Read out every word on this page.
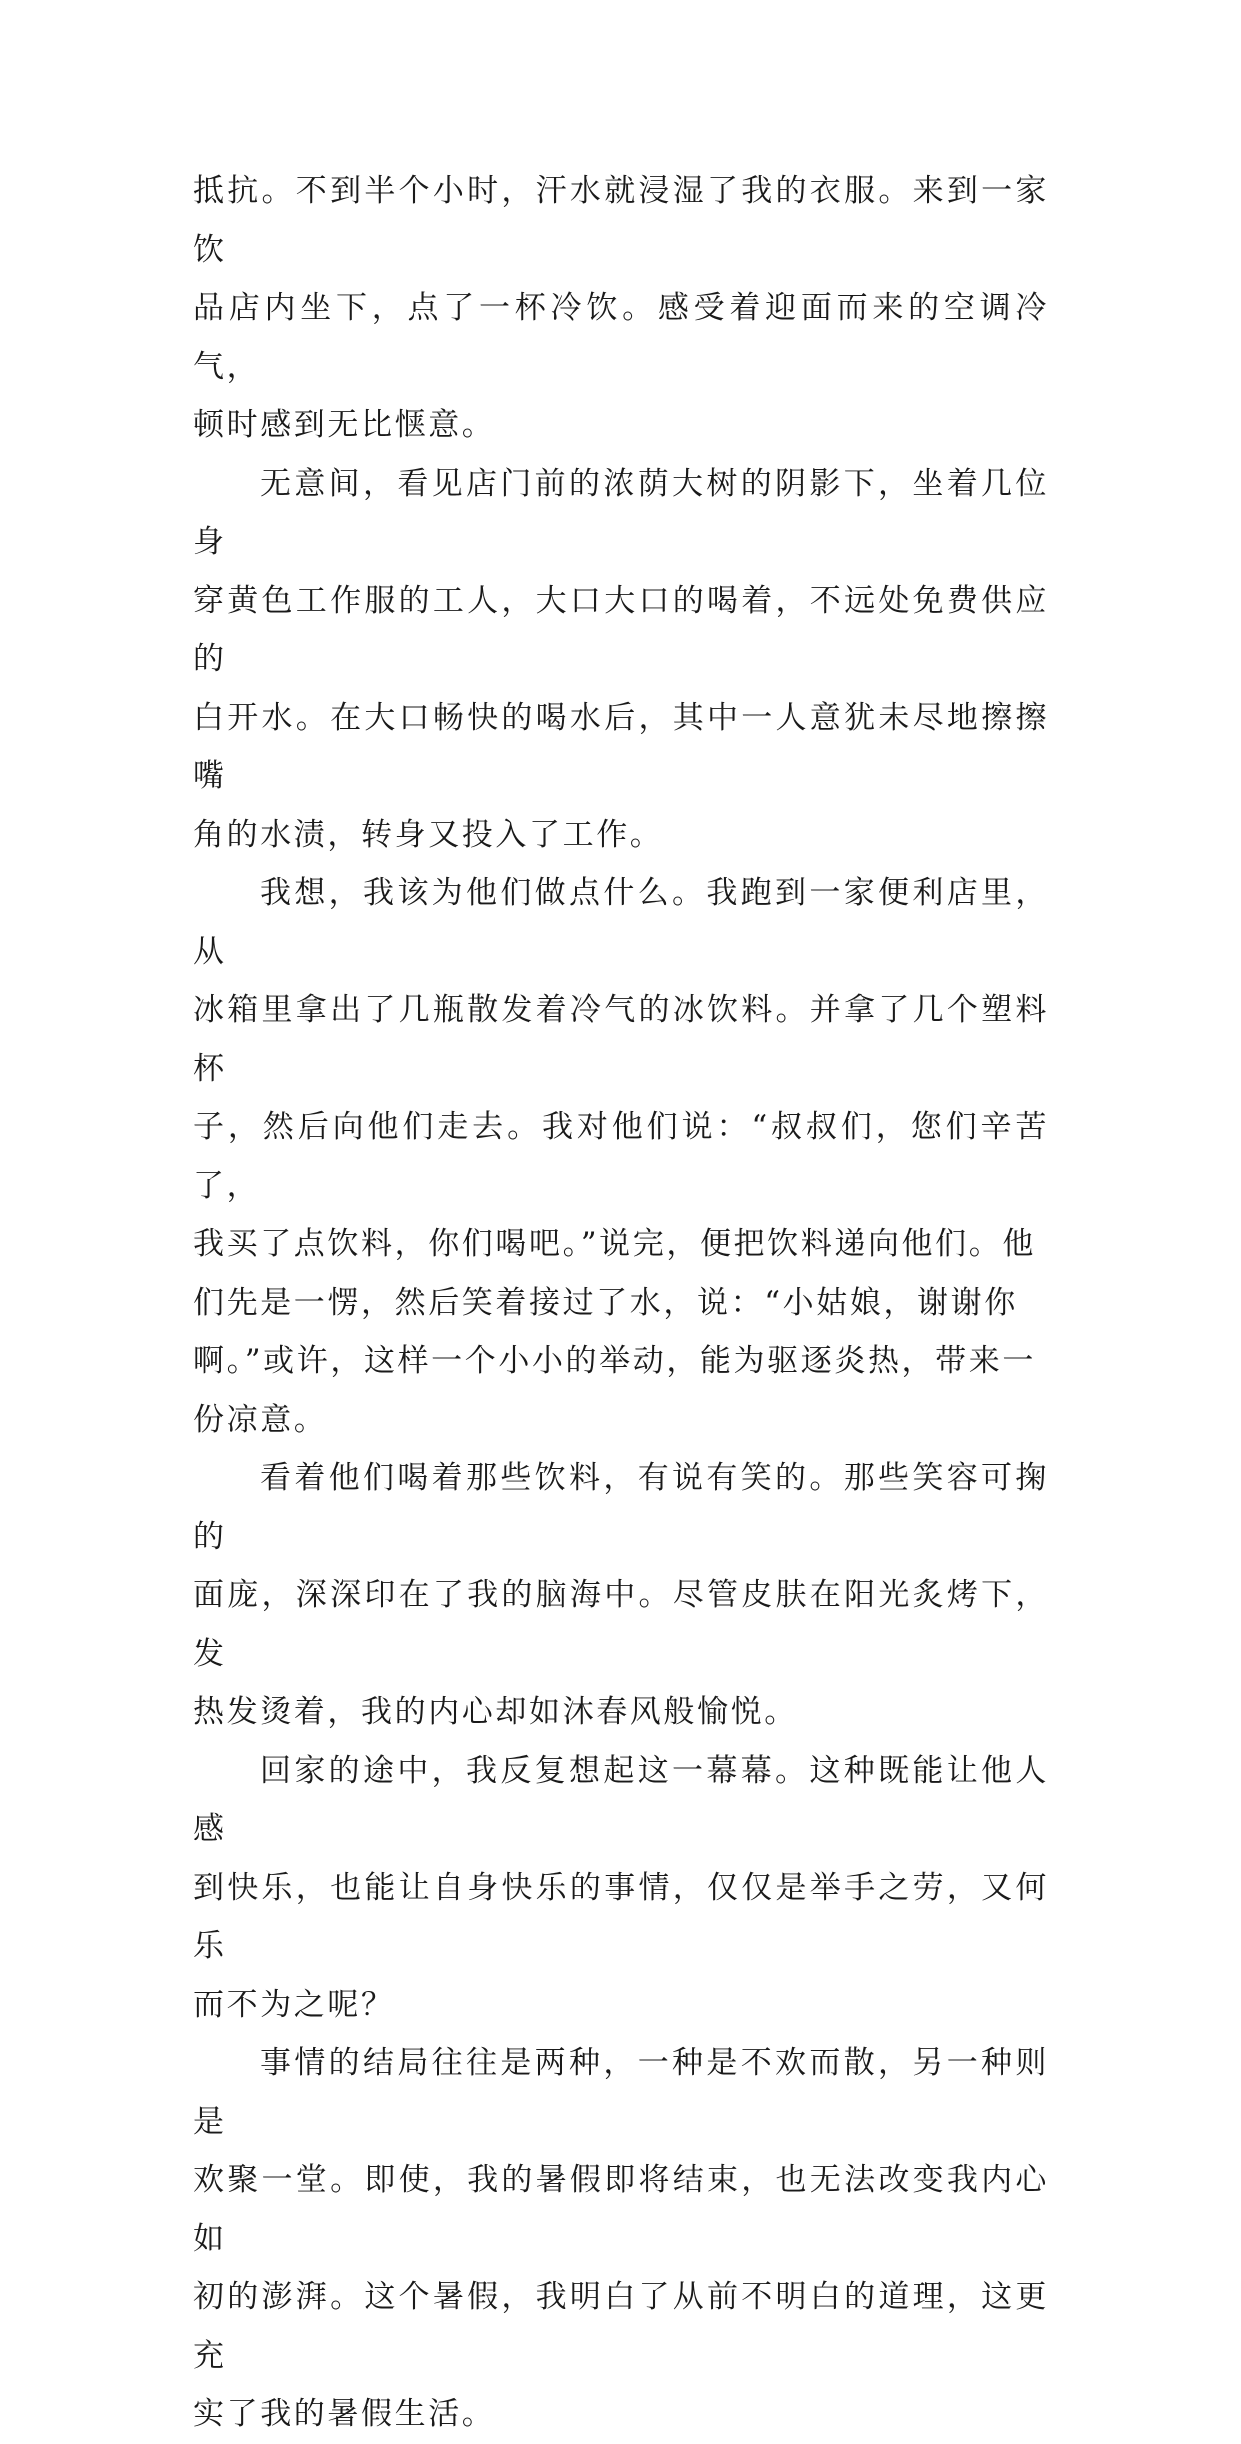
抵抗。不到半个小时，汗水就浸湿了我的衣服。来到一家饮
品店内坐下，点了一杯冷饮。感受着迎面而来的空调冷气，
顿时感到无比惬意。
无意间，看见店门前的浓荫大树的阴影下，坐着几位身
穿黄色工作服的工人，大口大口的喝着，不远处免费供应的
白开水。在大口畅快的喝水后，其中一人意犹未尽地擦擦嘴
角的水渍，转身又投入了工作。
我想，我该为他们做点什么。我跑到一家便利店里，从
冰箱里拿出了几瓶散发着冷气的冰饮料。并拿了几个塑料杯
子，然后向他们走去。我对他们说：“叔叔们，您们辛苦了，
我买了点饮料，你们喝吧。”说完，便把饮料递向他们。他
们先是一愣，然后笑着接过了水，说：“小姑娘，谢谢你
啊。”或许，这样一个小小的举动，能为驱逐炎热，带来一
份凉意。
看着他们喝着那些饮料，有说有笑的。那些笑容可掬的
面庞，深深印在了我的脑海中。尽管皮肤在阳光炙烤下，发
热发烫着，我的内心却如沐春风般愉悦。
回家的途中，我反复想起这一幕幕。这种既能让他人感
到快乐，也能让自身快乐的事情，仅仅是举手之劳，又何乐
而不为之呢？
事情的结局往往是两种，一种是不欢而散，另一种则是
欢聚一堂。即使，我的暑假即将结束，也无法改变我内心如
初的澎湃。这个暑假，我明白了从前不明白的道理，这更充
实了我的暑假生活。
